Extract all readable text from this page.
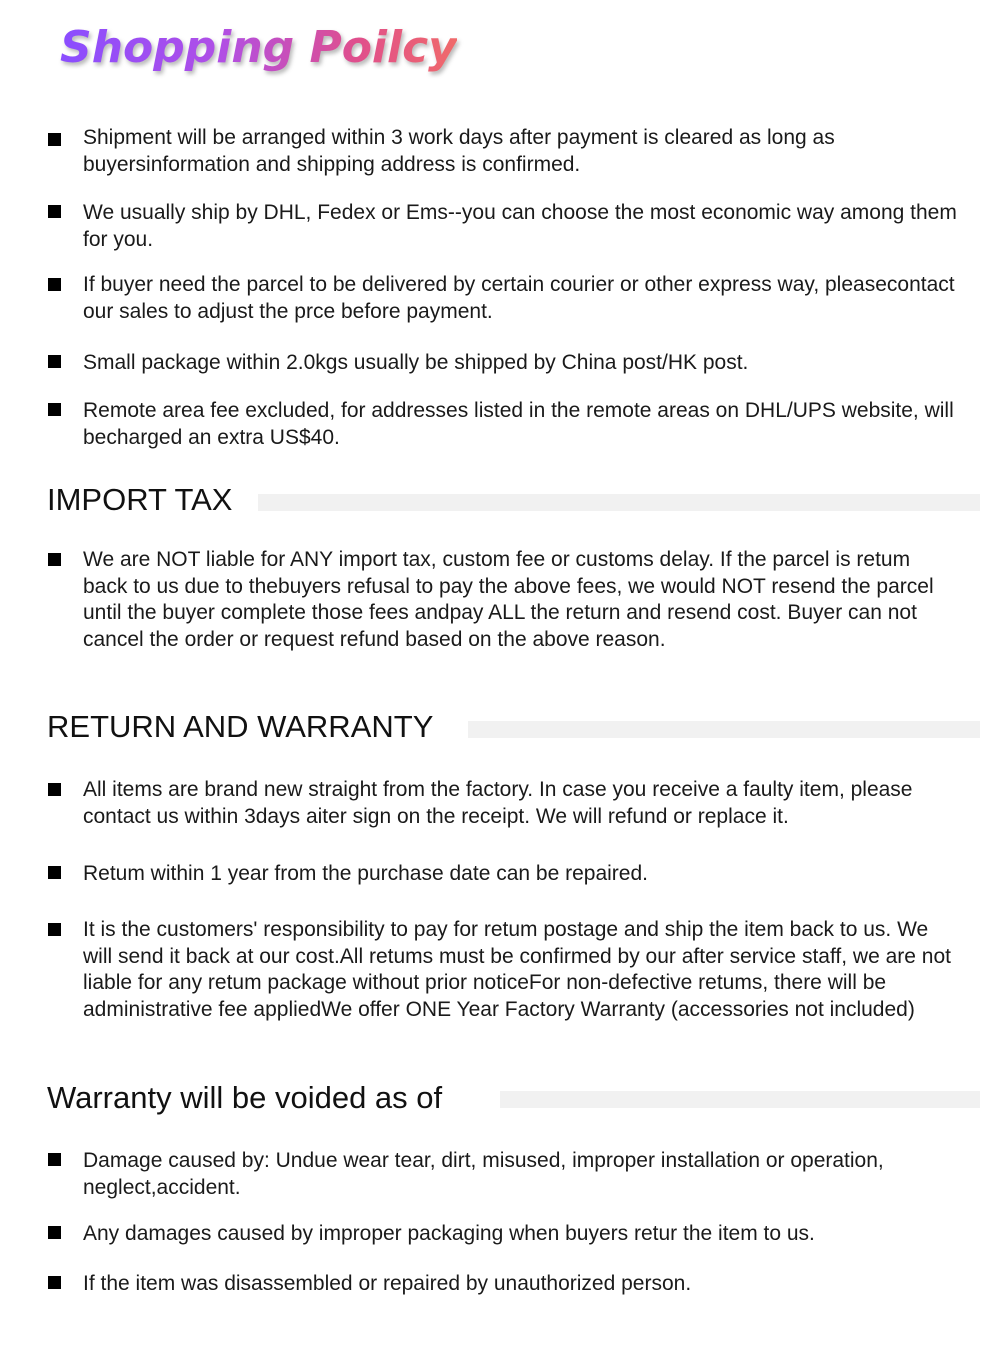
Shopping Poilcy
Shipment will be arranged within 3 work days after payment is cleared as long as buyersinformation and shipping address is confirmed.
We usually ship by DHL, Fedex or Ems--you can choose the most economic way among them for you.
If buyer need the parcel to be delivered by certain courier or other express way, pleasecontact our sales to adjust the prce before payment.
Small package within 2.0kgs usually be shipped by China post/HK post.
Remote area fee excluded, for addresses listed in the remote areas on DHL/UPS website, will becharged an extra US$40.
IMPORT TAX
We are NOT liable for ANY import tax, custom fee or customs delay. If the parcel is retum back to us due to thebuyers refusal to pay the above fees, we would NOT resend the parcel until the buyer complete those fees andpay ALL the return and resend cost. Buyer can not cancel the order or request refund based on the above reason.
RETURN AND WARRANTY
All items are brand new straight from the factory. In case you receive a faulty item, please contact us within 3days aiter sign on the receipt. We will refund or replace it.
Retum within 1 year from the purchase date can be repaired.
It is the customers' responsibility to pay for retum postage and ship the item back to us. We will send it back at our cost.All retums must be confirmed by our after service staff, we are not liable for any retum package without prior noticeFor non-defective retums, there will be administrative fee appliedWe offer ONE Year Factory Warranty (accessories not included)
Warranty will be voided as of
Damage caused by: Undue wear tear, dirt, misused, improper installation or operation, neglect,accident.
Any damages caused by improper packaging when buyers retur the item to us.
If the item was disassembled or repaired by unauthorized person.
